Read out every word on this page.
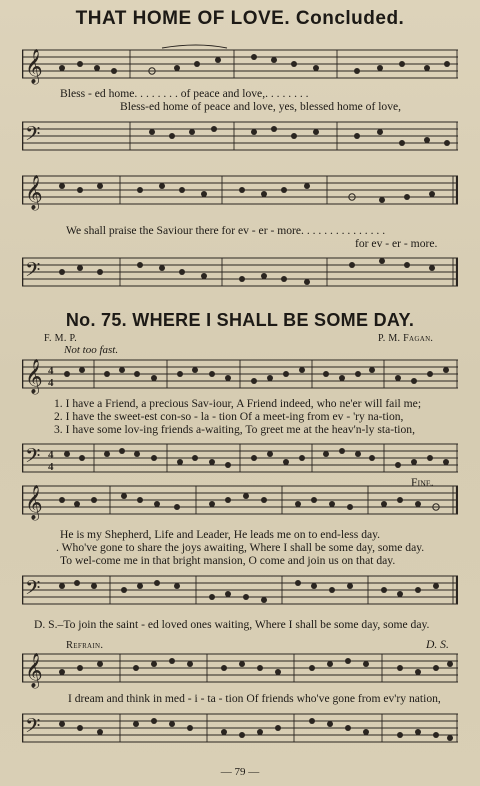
THAT HOME OF LOVE. Concluded.
𝄞
Bless - ed home. . . . . . . . of peace and love,. . . . . . . .
Bless-ed home of peace and love, yes, blessed home of love,
𝄢
𝄞
We shall praise the Saviour there for ev - er - more. . . . . . . . . . . . . . .
for ev - er - more.
𝄢
No. 75. WHERE I SHALL BE SOME DAY.
F. M. P.	P. M. Fagan.
Not too fast.
𝄞 4
4
1. I have a Friend, a precious Sav-iour, A Friend indeed, who ne'er will fail me;
2. I have the sweet-est con-so - la - tion Of a meet-ing from ev - 'ry na-tion,
3. I have some lov-ing friends a-waiting, To greet me at the heav'n-ly sta-tion,
𝄢 4
4
Fine.
𝄞
He is my Shepherd, Life and Leader, He leads me on to end-less day.
. Who've gone to share the joys awaiting, Where I shall be some day, some day.
To wel-come me in that bright mansion, O come and join us on that day.
𝄢
D. S.–To join the saint - ed loved ones waiting, Where I shall be some day, some day.
Refrain.	D. S.
𝄞
I dream and think in med - i - ta - tion Of friends who've gone from ev'ry nation,
𝄢
— 79 —
